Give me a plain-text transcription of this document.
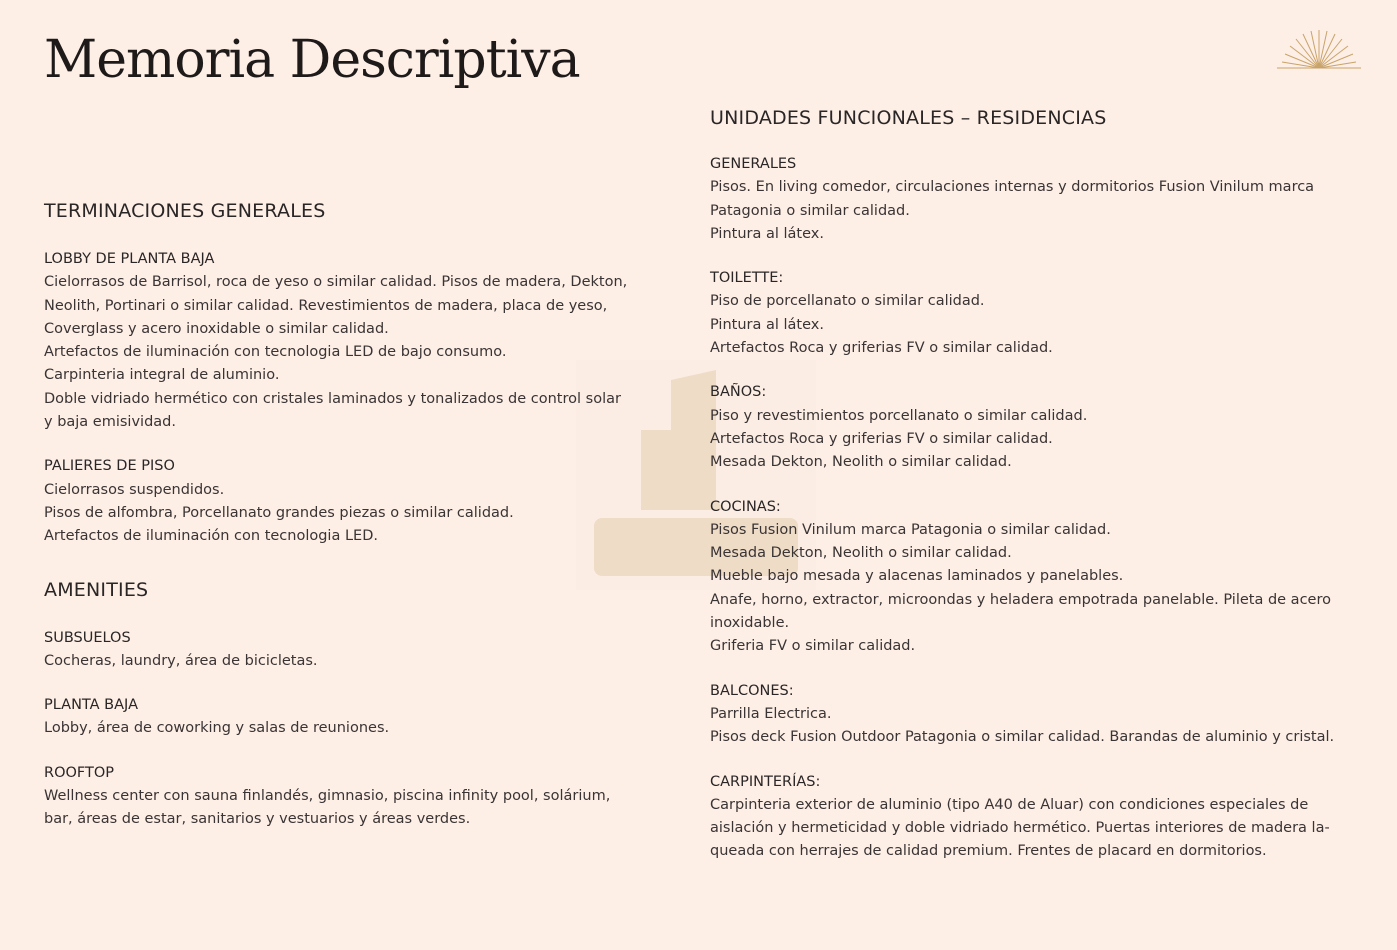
Memoria Descriptiva
TERMINACIONES GENERALES
LOBBY DE PLANTA BAJA
Cielorrasos de Barrisol, roca de yeso o similar calidad. Pisos de madera, Dekton,
Neolith, Portinari o similar calidad. Revestimientos de madera, placa de yeso,
Coverglass y acero inoxidable o similar calidad.
Artefactos de iluminación con tecnologia LED de bajo consumo.
Carpinteria integral de aluminio.
Doble vidriado hermético con cristales laminados y tonalizados de control solar
y baja emisividad.
PALIERES DE PISO
Cielorrasos suspendidos.
Pisos de alfombra, Porcellanato grandes piezas o similar calidad.
Artefactos de iluminación con tecnologia LED.
AMENITIES
SUBSUELOS
Cocheras, laundry, área de bicicletas.
PLANTA BAJA
Lobby, área de coworking y salas de reuniones.
ROOFTOP
Wellness center con sauna finlandés, gimnasio, piscina infinity pool, solárium,
bar, áreas de estar, sanitarios y vestuarios y áreas verdes.
UNIDADES FUNCIONALES – RESIDENCIAS
GENERALES
Pisos. En living comedor, circulaciones internas y dormitorios Fusion Vinilum marca
Patagonia o similar calidad.
Pintura al látex.
TOILETTE:
Piso de porcellanato o similar calidad.
Pintura al látex.
Artefactos Roca y griferias FV o similar calidad.
BAÑOS:
Piso y revestimientos porcellanato o similar calidad.
Artefactos Roca y griferias FV o similar calidad.
Mesada Dekton, Neolith o similar calidad.
COCINAS:
Pisos Fusion Vinilum marca Patagonia o similar calidad.
Mesada Dekton, Neolith o similar calidad.
Mueble bajo mesada y alacenas laminados y panelables.
Anafe, horno, extractor, microondas y heladera empotrada panelable. Pileta de acero
inoxidable.
Griferia FV o similar calidad.
BALCONES:
Parrilla Electrica.
Pisos deck Fusion Outdoor Patagonia o similar calidad. Barandas de aluminio y cristal.
CARPINTERÍAS:
Carpinteria exterior de aluminio (tipo A40 de Aluar) con condiciones especiales de
aislación y hermeticidad y doble vidriado hermético. Puertas interiores de madera la-
queada con herrajes de calidad premium. Frentes de placard en dormitorios.
